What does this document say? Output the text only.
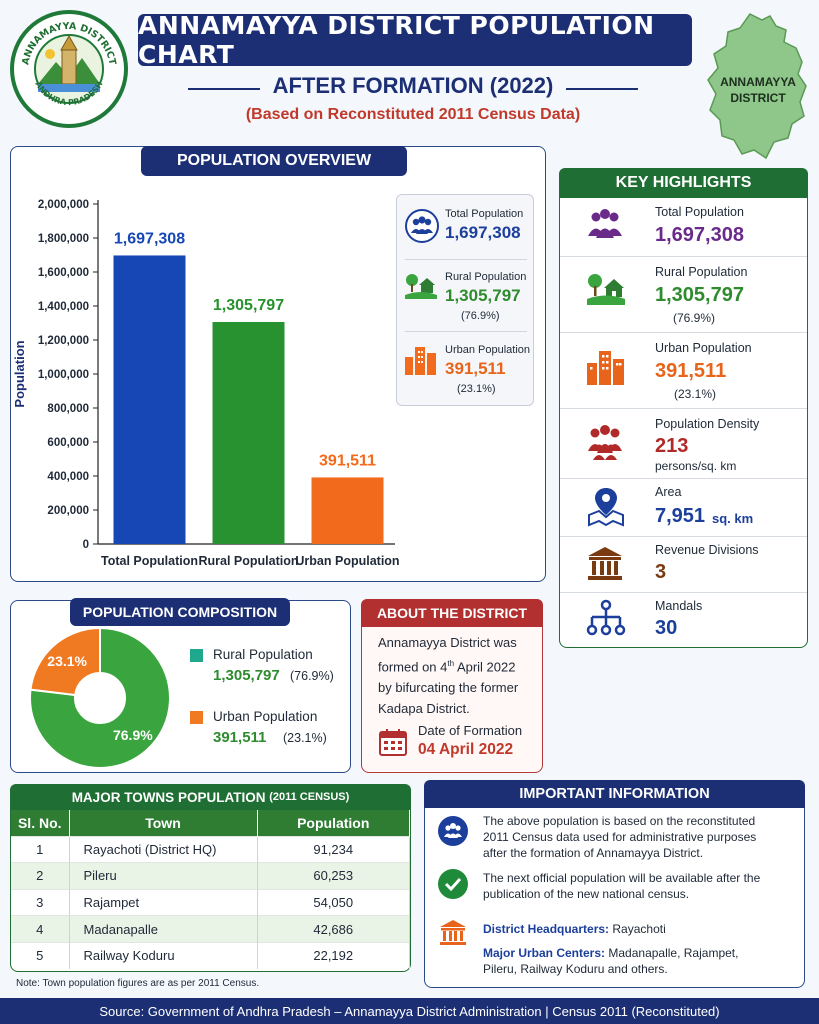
ANNAMAYYA DISTRICT
ANDHRA PRADESH
ANNAMAYYA DISTRICT POPULATION CHART
AFTER FORMATION (2022)
(Based on Reconstituted 2011 Census Data)
ANNAMAYYA
DISTRICT
POPULATION OVERVIEW
0
200,000
400,000
600,000
800,000
1,000,000
1,200,000
1,400,000
1,600,000
1,800,000
2,000,000
Population
1,697,308
Total Population
1,305,797
Rural Population
391,511
Urban Population
Total Population
1,697,308
Rural Population
1,305,797
(76.9%)
Urban Population
391,511
(23.1%)
KEY HIGHLIGHTS
Total Population
1,697,308
Rural Population
1,305,797
(76.9%)
Urban Population
391,511
(23.1%)
Population Density
213
persons/sq. km
Area
7,951 sq. km
Revenue Divisions
3
Mandals
30
POPULATION COMPOSITION
76.9%
23.1%	Rural Population
1,305,797 (76.9%)
Urban Population
391,511 (23.1%)
ABOUT THE DISTRICT
Annamayya District was
formed on 4th April 2022
by bifurcating the former
Kadapa District.
Date of Formation
04 April 2022
MAJOR TOWNS POPULATION
(2011 CENSUS)
Sl. No.	Town	Population
1	Rayachoti (District HQ)	91,234
2	Pileru	60,253
3	Rajampet	54,050
4	Madanapalle	42,686
5	Railway Koduru	22,192
Note: Town population figures are as per 2011 Census.
IMPORTANT INFORMATION
The above population is based on the reconstituted
2011 Census data used for administrative purposes
after the formation of Annamayya District.
The next official population will be available after the
publication of the new national census.
District Headquarters: Rayachoti
Major Urban Centers: Madanapalle, Rajampet,
Pileru, Railway Koduru and others.
Source: Government of Andhra Pradesh – Annamayya District Administration | Census 2011 (Reconstituted)
